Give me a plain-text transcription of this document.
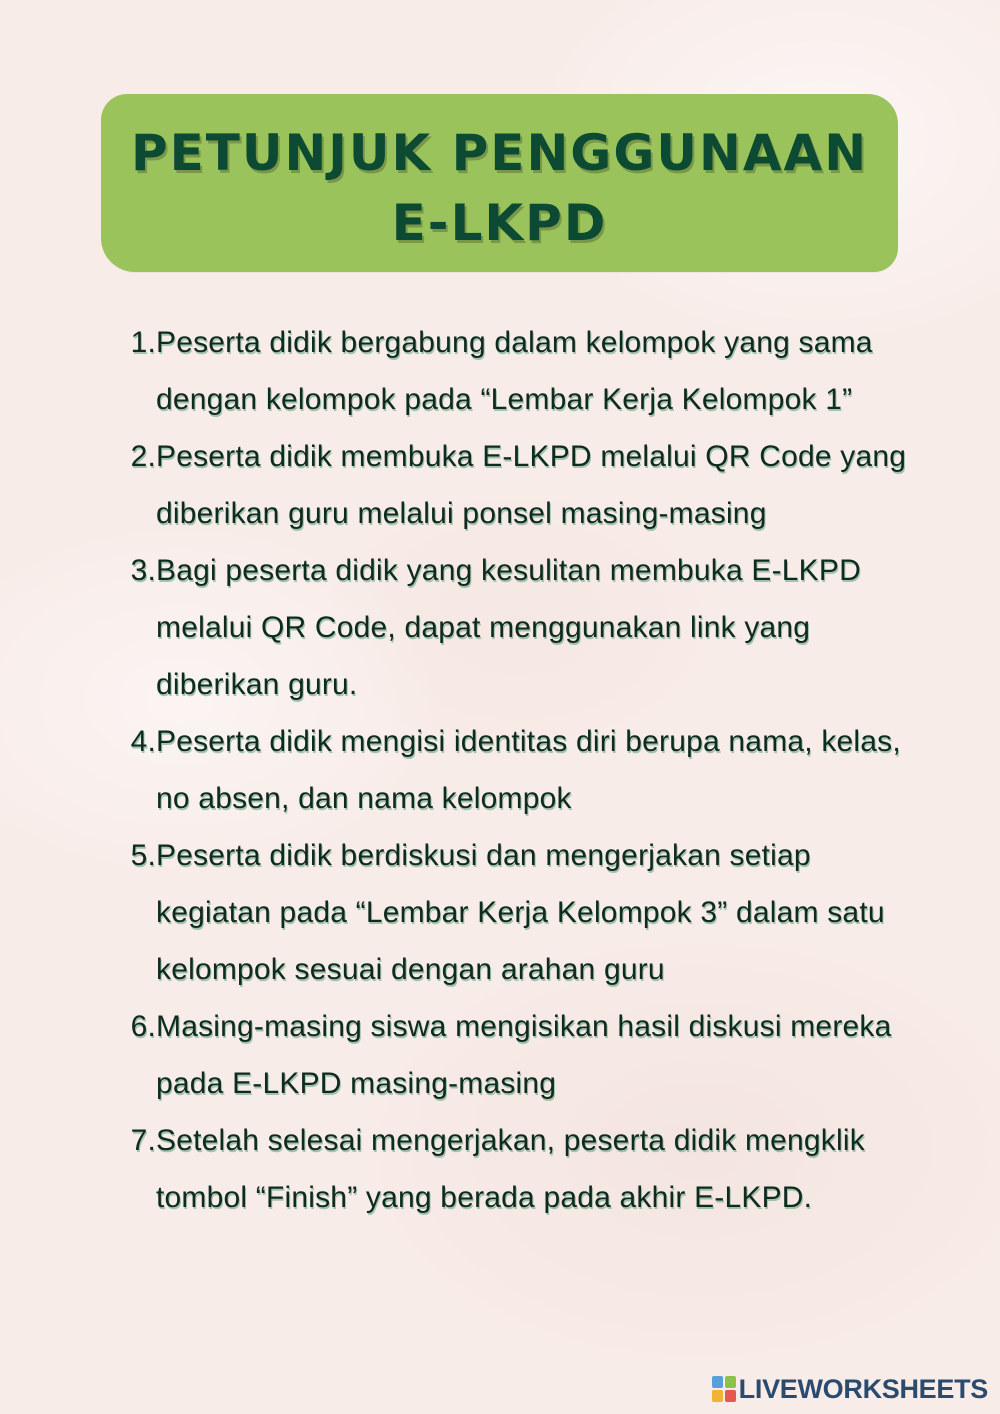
PETUNJUK PENGGUNAAN
E-LKPD
1. Peserta didik bergabung dalam kelompok yang sama dengan kelompok pada “Lembar Kerja Kelompok 1”
2. Peserta didik membuka E-LKPD melalui QR Code yang diberikan guru melalui ponsel masing-masing
3. Bagi peserta didik yang kesulitan membuka E-LKPD melalui QR Code, dapat menggunakan link yang diberikan guru.
4. Peserta didik mengisi identitas diri berupa nama, kelas, no absen, dan nama kelompok
5. Peserta didik berdiskusi dan mengerjakan setiap kegiatan pada “Lembar Kerja Kelompok 3” dalam satu kelompok sesuai dengan arahan guru
6. Masing-masing siswa mengisikan hasil diskusi mereka pada E-LKPD masing-masing
7. Setelah selesai mengerjakan, peserta didik mengklik tombol “Finish” yang berada pada akhir E-LKPD.
LIVEWORKSHEETS
